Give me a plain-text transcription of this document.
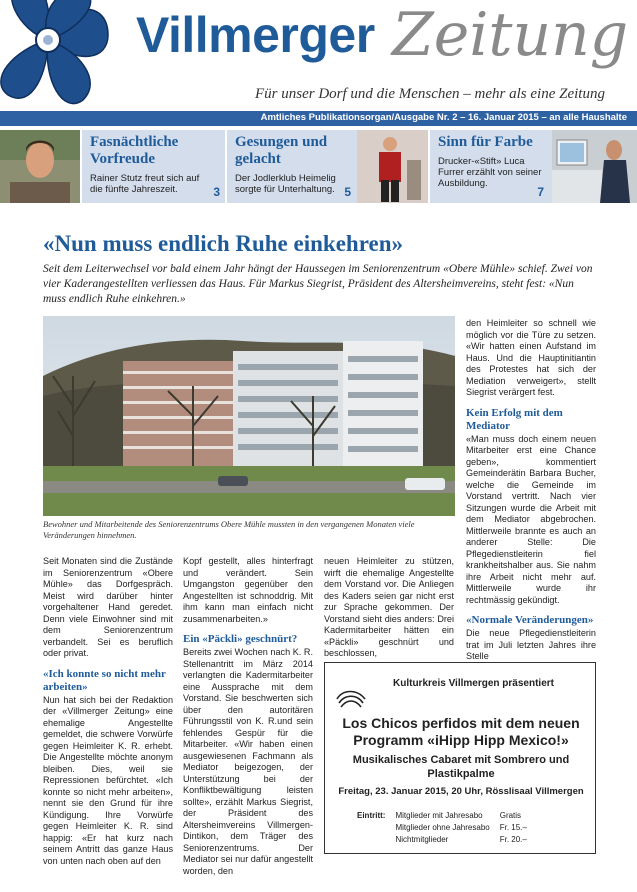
Villmerger Zeitung
Für unser Dorf und die Menschen – mehr als eine Zeitung
Amtliches Publikationsorgan/Ausgabe Nr. 2 – 16. Januar 2015 – an alle Haushalte
Fasnächtliche Vorfreude

Rainer Stutz freut sich auf die fünfte Jahreszeit.	3
Gesungen und gelacht

Der Jodlerklub Heimelig sorgte für Unterhaltung. 5
Sinn für Farbe

Drucker-«Stift» Luca Furrer erzählt von seiner Ausbildung.

7
«Nun muss endlich Ruhe einkehren»
Seit dem Leiterwechsel vor bald einem Jahr hängt der Haussegen im Seniorenzentrum «Obere Mühle» schief. Zwei von vier Kaderangestellten verliessen das Haus. Für Markus Siegrist, Präsident des Altersheimvereins, steht fest: «Nun muss endlich Ruhe einkehren.»
Bewohner und Mitarbeitende des Seniorenzentrums Obere Mühle mussten in den vergangenen Monaten viele Veränderungen hinnehmen.

Seit Monaten sind die Zustände im Seniorenzentrum «Obere Mühle» das Dorfgespräch. Meist wird darüber hinter vorgehaltener Hand geredet. Denn viele Einwohner sind mit dem Seniorenzentrum verbandelt. Sei es beruflich oder privat.

«Ich konnte so nicht mehr arbeiten»

Nun hat sich bei der Redaktion der «Villmerger Zeitung» eine ehemalige Angestellte gemeldet, die schwere Vorwürfe gegen Heimleiter K. R. erhebt. Die Angestellte möchte anonym bleiben. Dies, weil sie Repressionen befürchtet. «Ich konnte so nicht mehr arbeiten», nennt sie den Grund für ihre Kündigung. Ihre Vorwürfe gegen Heimleiter K. R. sind happig: «Er hat kurz nach seinem Antritt das ganze Haus von unten nach oben auf den

Kopf gestellt, alles hinterfragt und verändert. Sein Umgangston gegenüber den Angestellten ist schnoddrig. Mit ihm kann man einfach nicht zusammenarbeiten.»

Ein «Päckli» geschnürt?

Bereits zwei Wochen nach K. R. Stellenantritt im März 2014 verlangten die Kadermitarbeiter eine Aussprache mit dem Vorstand. Sie beschwerten sich über den autoritären Führungsstil von K. R.und sein fehlendes Gespür für die Mitarbeiter. «Wir haben einen ausgewiesenen Fachmann als Mediator beigezogen, der Unterstützung bei der Konfliktbewältigung leisten sollte», erzählt Markus Siegrist, der Präsident des Altersheimvereins Villmergen-Dintikon, dem Träger des Seniorenzentrums. Der Mediator sei nur dafür angestellt worden, den

neuen Heimleiter zu stützen, wirft die ehemalige Angestellte dem Vorstand vor. Die Anliegen des Kaders seien gar nicht erst zur Sprache gekommen. Der Vorstand sieht dies anders: Drei Kadermitarbeiter hätten ein «Päckli» geschnürt und beschlossen,

den Heimleiter so schnell wie möglich vor die Türe zu setzen. «Wir hatten einen Aufstand im Haus. Und die Hauptinitiantin des Protestes hat sich der Mediation verweigert», stellt Siegrist verärgert fest.

Kein Erfolg mit dem Mediator

«Man muss doch einem neuen Mitarbeiter erst eine Chance geben», kommentiert Gemeinderätin Barbara Bucher, welche die Gemeinde im Vorstand vertritt. Nach vier Sitzungen wurde die Arbeit mit dem Mediator abgebrochen. Mittlerweile brannte es auch an anderer Stelle: Die Pflegedienstleiterin fiel krankheitshalber aus. Sie nahm ihre Arbeit nicht mehr auf. Mittlerweile wurde ihr rechtmässig gekündigt.

«Normale Veränderungen»

Die neue Pflegedienstleiterin trat im Juli letzten Jahres ihre Stelle

Kulturkreis Villmergen präsentiert
Los Chicos perfidos mit dem neuen Programm «iHipp Hipp Mexico!»
Musikalisches Cabaret mit Sombrero und Plastikpalme
Freitag, 23. Januar 2015, 20 Uhr, Rösslisaal Villmergen
Eintritt:	Mitglieder mit Jahresabo	Gratis
	Mitglieder ohne Jahresabo	Fr. 15.–
	Nichtmitglieder	Fr. 20.–
